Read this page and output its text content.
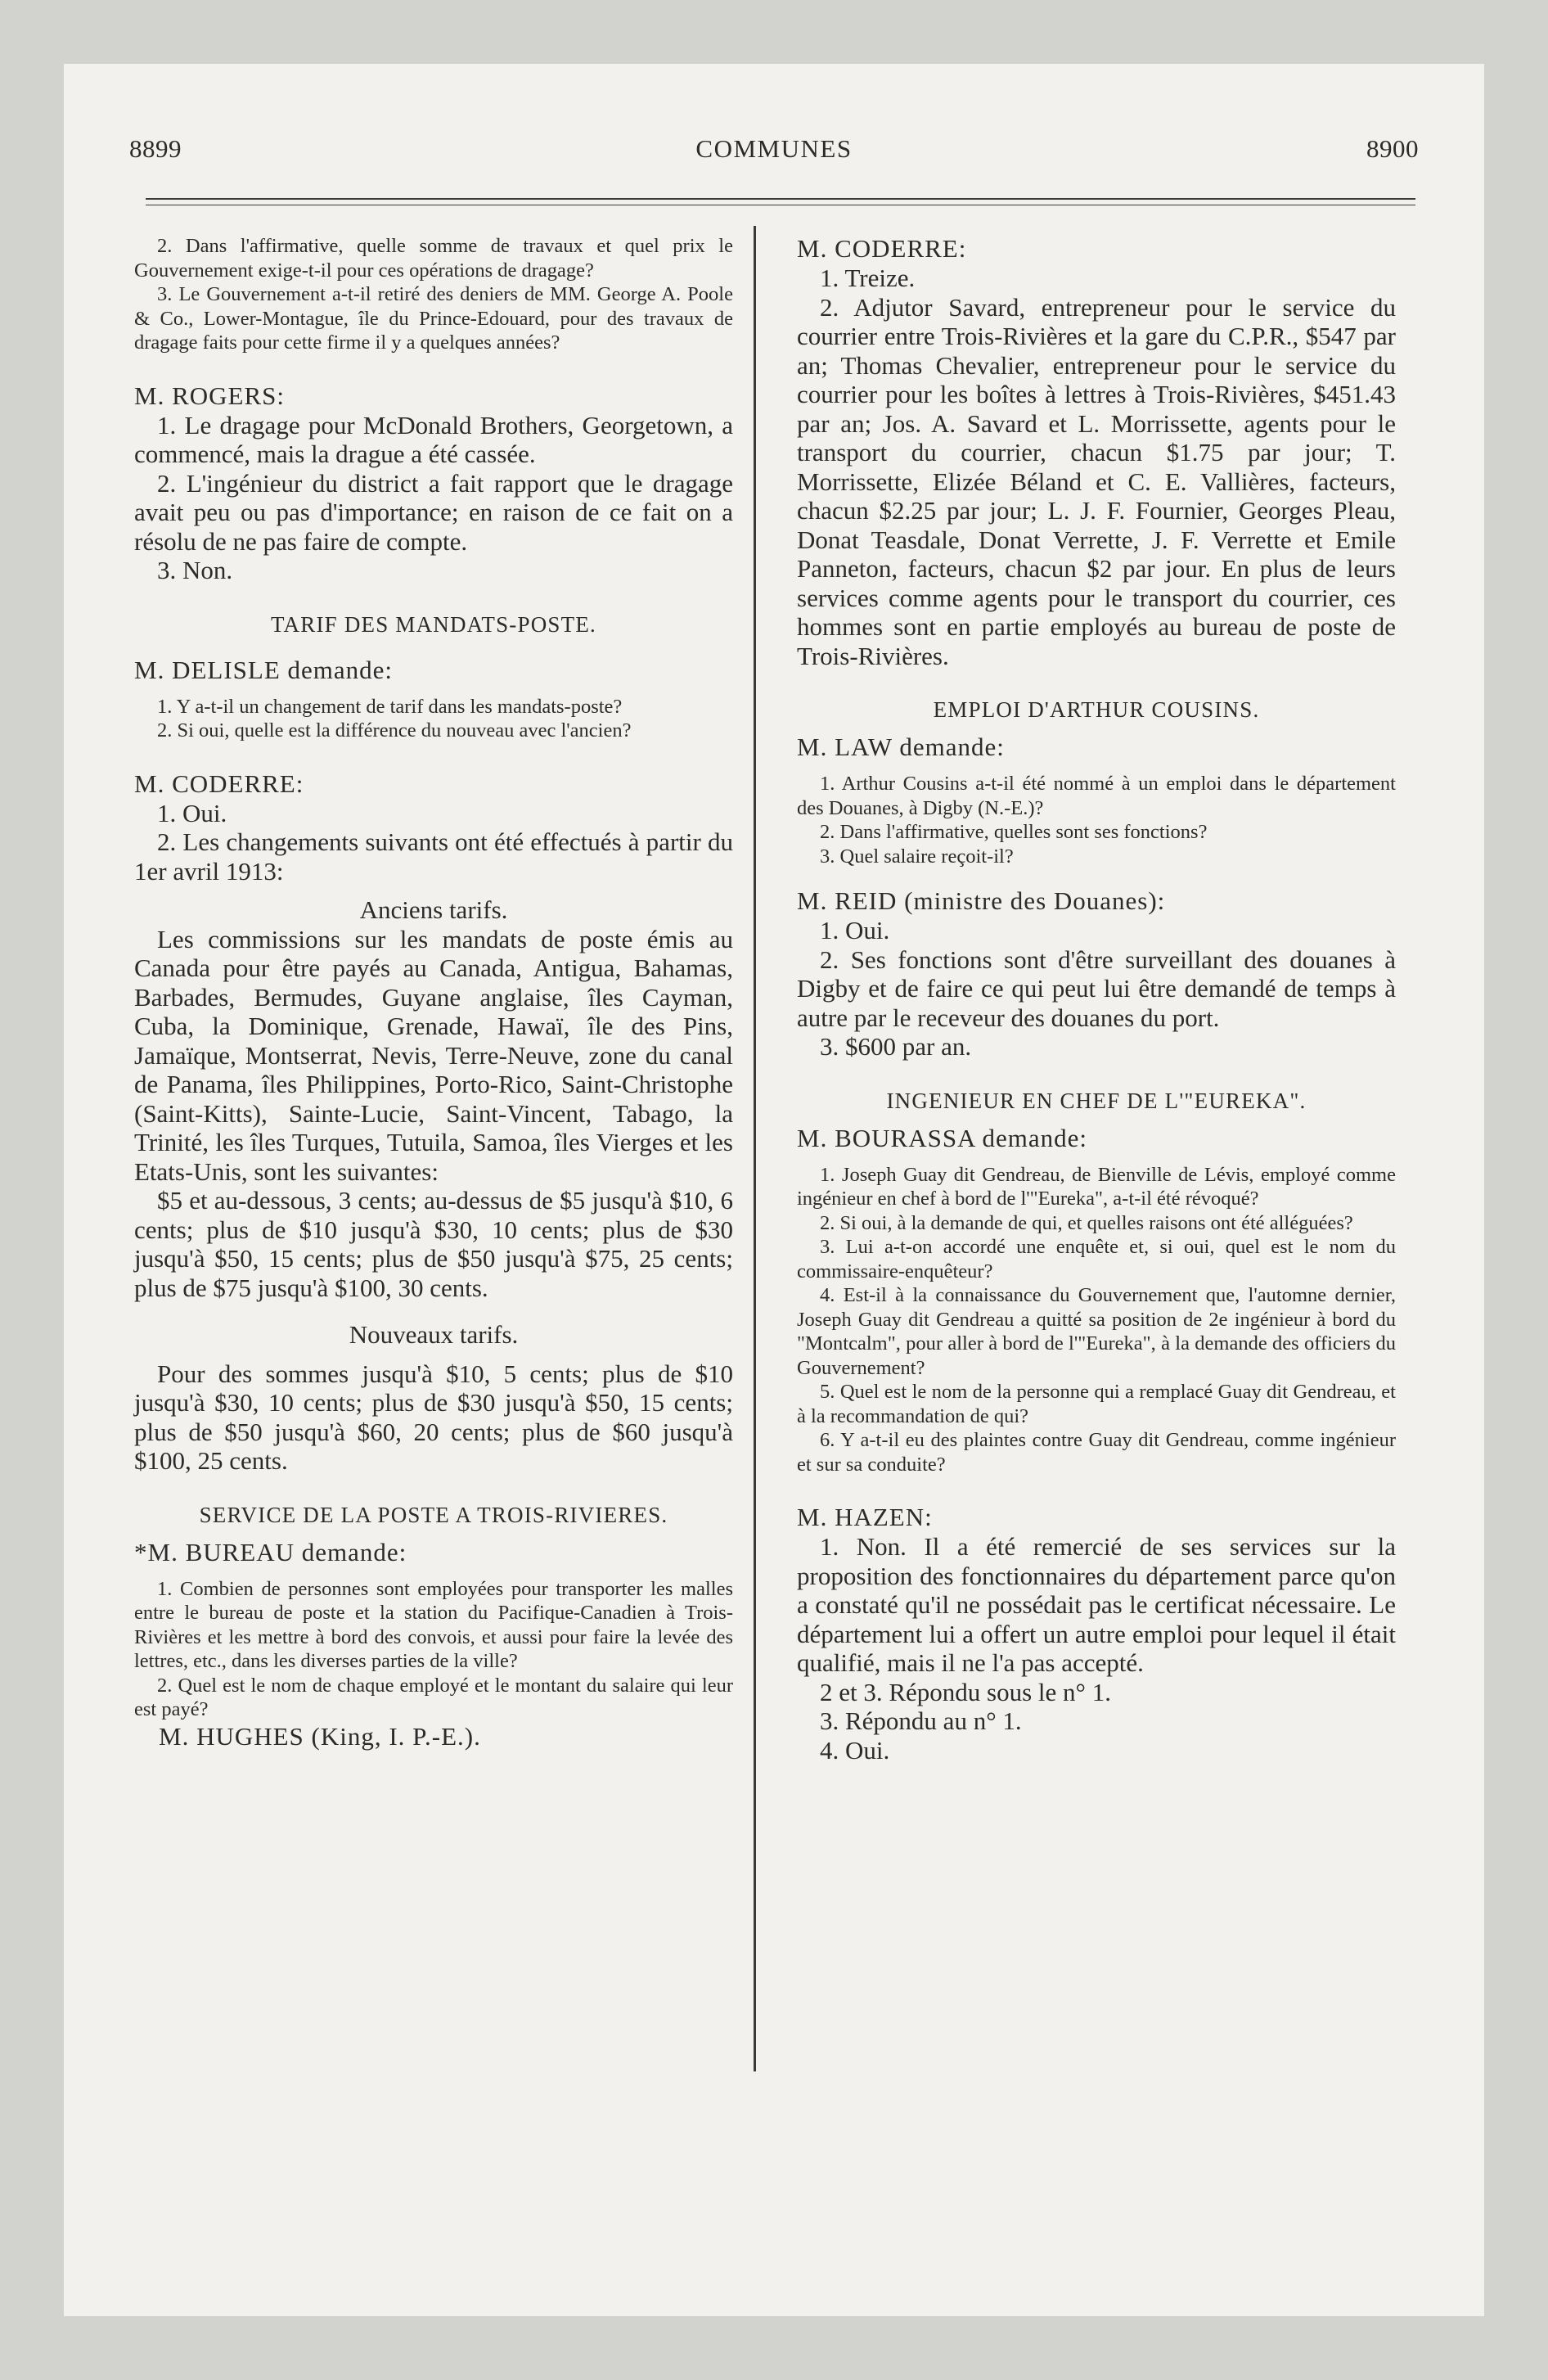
8899	COMMUNES	8900

2. Dans l'affirmative, quelle somme de travaux et quel prix le Gouvernement exige-t-il pour ces opérations de dragage?

3. Le Gouvernement a-t-il retiré des deniers de MM. George A. Poole & Co., Lower-Montague, île du Prince-Edouard, pour des travaux de dragage faits pour cette firme il y a quelques années?

M. ROGERS:

1. Le dragage pour McDonald Brothers, Georgetown, a commencé, mais la drague a été cassée.

2. L'ingénieur du district a fait rapport que le dragage avait peu ou pas d'importance; en raison de ce fait on a résolu de ne pas faire de compte.

3. Non.

TARIF DES MANDATS-POSTE.

M. DELISLE demande:

1. Y a-t-il un changement de tarif dans les mandats-poste?

2. Si oui, quelle est la différence du nouveau avec l'ancien?

M. CODERRE:

1. Oui.

2. Les changements suivants ont été effectués à partir du 1er avril 1913:

Anciens tarifs.

Les commissions sur les mandats de poste émis au Canada pour être payés au Canada, Antigua, Bahamas, Barbades, Bermudes, Guyane anglaise, îles Cayman, Cuba, la Dominique, Grenade, Hawaï, île des Pins, Jamaïque, Montserrat, Nevis, Terre-Neuve, zone du canal de Panama, îles Philippines, Porto-Rico, Saint-Christophe (Saint-Kitts), Sainte-Lucie, Saint-Vincent, Tabago, la Trinité, les îles Turques, Tutuila, Samoa, îles Vierges et les Etats-Unis, sont les suivantes:

$5 et au-dessous, 3 cents; au-dessus de $5 jusqu'à $10, 6 cents; plus de $10 jusqu'à $30, 10 cents; plus de $30 jusqu'à $50, 15 cents; plus de $50 jusqu'à $75, 25 cents; plus de $75 jusqu'à $100, 30 cents.

Nouveaux tarifs.

Pour des sommes jusqu'à $10, 5 cents; plus de $10 jusqu'à $30, 10 cents; plus de $30 jusqu'à $50, 15 cents; plus de $50 jusqu'à $60, 20 cents; plus de $60 jusqu'à $100, 25 cents.

SERVICE DE LA POSTE A TROIS-RIVIERES.

*M. BUREAU demande:

1. Combien de personnes sont employées pour transporter les malles entre le bureau de poste et la station du Pacifique-Canadien à Trois-Rivières et les mettre à bord des convois, et aussi pour faire la levée des lettres, etc., dans les diverses parties de la ville?

2. Quel est le nom de chaque employé et le montant du salaire qui leur est payé?

M. HUGHES (King, I. P.-E.).

M. CODERRE:

1. Treize.

2. Adjutor Savard, entrepreneur pour le service du courrier entre Trois-Rivières et la gare du C.P.R., $547 par an; Thomas Chevalier, entrepreneur pour le service du courrier pour les boîtes à lettres à Trois-Rivières, $451.43 par an; Jos. A. Savard et L. Morrissette, agents pour le transport du courrier, chacun $1.75 par jour; T. Morrissette, Elizée Béland et C. E. Vallières, facteurs, chacun $2.25 par jour; L. J. F. Fournier, Georges Pleau, Donat Teasdale, Donat Verrette, J. F. Verrette et Emile Panneton, facteurs, chacun $2 par jour. En plus de leurs services comme agents pour le transport du courrier, ces hommes sont en partie employés au bureau de poste de Trois-Rivières.

EMPLOI D'ARTHUR COUSINS.

M. LAW demande:

1. Arthur Cousins a-t-il été nommé à un emploi dans le département des Douanes, à Digby (N.-E.)?

2. Dans l'affirmative, quelles sont ses fonctions?

3. Quel salaire reçoit-il?

M. REID (ministre des Douanes):

1. Oui.

2. Ses fonctions sont d'être surveillant des douanes à Digby et de faire ce qui peut lui être demandé de temps à autre par le receveur des douanes du port.

3. $600 par an.

INGENIEUR EN CHEF DE L'"EUREKA".

M. BOURASSA demande:

1. Joseph Guay dit Gendreau, de Bienville de Lévis, employé comme ingénieur en chef à bord de l'"Eureka", a-t-il été révoqué?

2. Si oui, à la demande de qui, et quelles raisons ont été alléguées?

3. Lui a-t-on accordé une enquête et, si oui, quel est le nom du commissaire-enquêteur?

4. Est-il à la connaissance du Gouvernement que, l'automne dernier, Joseph Guay dit Gendreau a quitté sa position de 2e ingénieur à bord du "Montcalm", pour aller à bord de l'"Eureka", à la demande des officiers du Gouvernement?

5. Quel est le nom de la personne qui a remplacé Guay dit Gendreau, et à la recommandation de qui?

6. Y a-t-il eu des plaintes contre Guay dit Gendreau, comme ingénieur et sur sa conduite?

M. HAZEN:

1. Non. Il a été remercié de ses services sur la proposition des fonctionnaires du département parce qu'on a constaté qu'il ne possédait pas le certificat nécessaire. Le département lui a offert un autre emploi pour lequel il était qualifié, mais il ne l'a pas accepté.

2 et 3. Répondu sous le n° 1.

3. Répondu au n° 1.

4. Oui.
